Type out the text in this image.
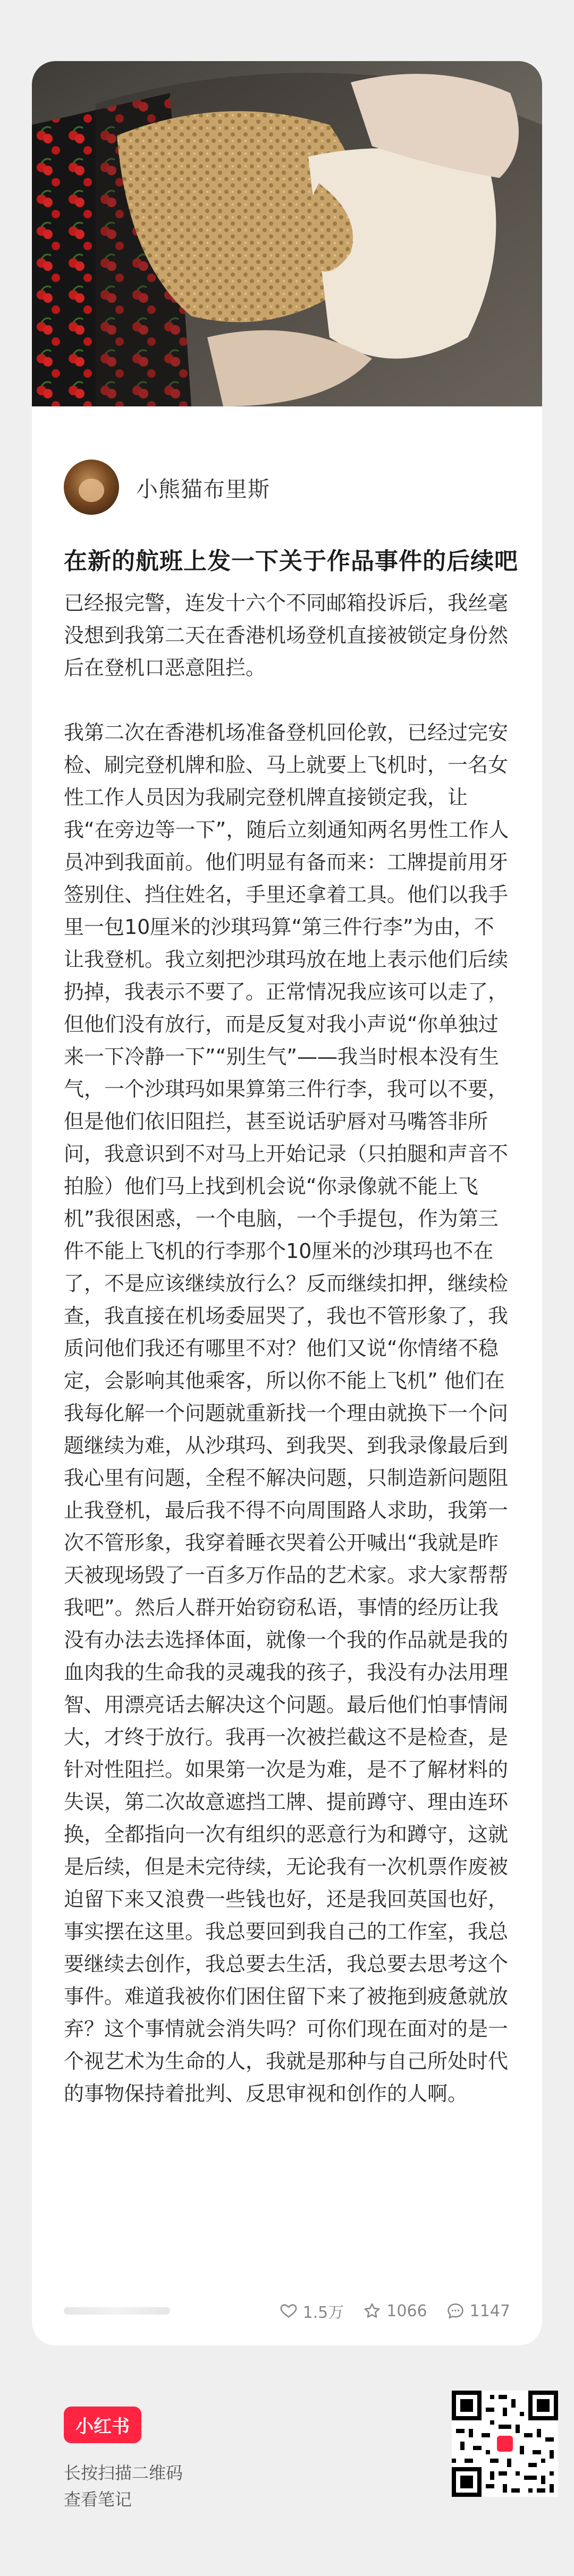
小熊猫布里斯
在新的航班上发一下关于作品事件的后续吧

已经报完警，连发十六个不同邮箱投诉后，我丝毫没想到我第二天在香港机场登机直接被锁定身份然后在登机口恶意阻拦。

我第二次在香港机场准备登机回伦敦，已经过完安检、刷完登机牌和脸、马上就要上飞机时，一名女性工作人员因为我刷完登机牌直接锁定我，让我“在旁边等一下”，随后立刻通知两名男性工作人员冲到我面前。他们明显有备而来：工牌提前用牙签别住、挡住姓名，手里还拿着工具。他们以我手里一包10厘米的沙琪玛算“第三件行李”为由，不让我登机。我立刻把沙琪玛放在地上表示他们后续扔掉，我表示不要了。正常情况我应该可以走了，但他们没有放行，而是反复对我小声说“你单独过来一下冷静一下”“别生气”——我当时根本没有生气，一个沙琪玛如果算第三件行李，我可以不要，但是他们依旧阻拦，甚至说话驴唇对马嘴答非所问，我意识到不对马上开始记录（只拍腿和声音不拍脸）他们马上找到机会说“你录像就不能上飞机”我很困惑，一个电脑，一个手提包，作为第三件不能上飞机的行李那个10厘米的沙琪玛也不在了，不是应该继续放行么？反而继续扣押，继续检查，我直接在机场委屈哭了，我也不管形象了，我质问他们我还有哪里不对？他们又说“你情绪不稳定，会影响其他乘客，所以你不能上飞机” 他们在我每化解一个问题就重新找一个理由就换下一个问题继续为难，从沙琪玛、到我哭、到我录像最后到我心里有问题，全程不解决问题，只制造新问题阻止我登机，最后我不得不向周围路人求助，我第一次不管形象，我穿着睡衣哭着公开喊出“我就是昨天被现场毁了一百多万作品的艺术家。求大家帮帮我吧”。然后人群开始窃窃私语，事情的经历让我没有办法去选择体面，就像一个我的作品就是我的血肉我的生命我的灵魂我的孩子，我没有办法用理智、用漂亮话去解决这个问题。最后他们怕事情闹大，才终于放行。我再一次被拦截这不是检查，是针对性阻拦。如果第一次是为难，是不了解材料的失误，第二次故意遮挡工牌、提前蹲守、理由连环换，全都指向一次有组织的恶意行为和蹲守，这就是后续，但是未完待续，无论我有一次机票作废被迫留下来又浪费一些钱也好，还是我回英国也好，事实摆在这里。我总要回到我自己的工作室，我总要继续去创作，我总要去生活，我总要去思考这个事件。难道我被你们困住留下来了被拖到疲惫就放弃？这个事情就会消失吗？可你们现在面对的是一个视艺术为生命的人，我就是那种与自己所处时代的事物保持着批判、反思审视和创作的人啊。

1.5万	1066	1147
小红书
长按扫描二维码
查看笔记
